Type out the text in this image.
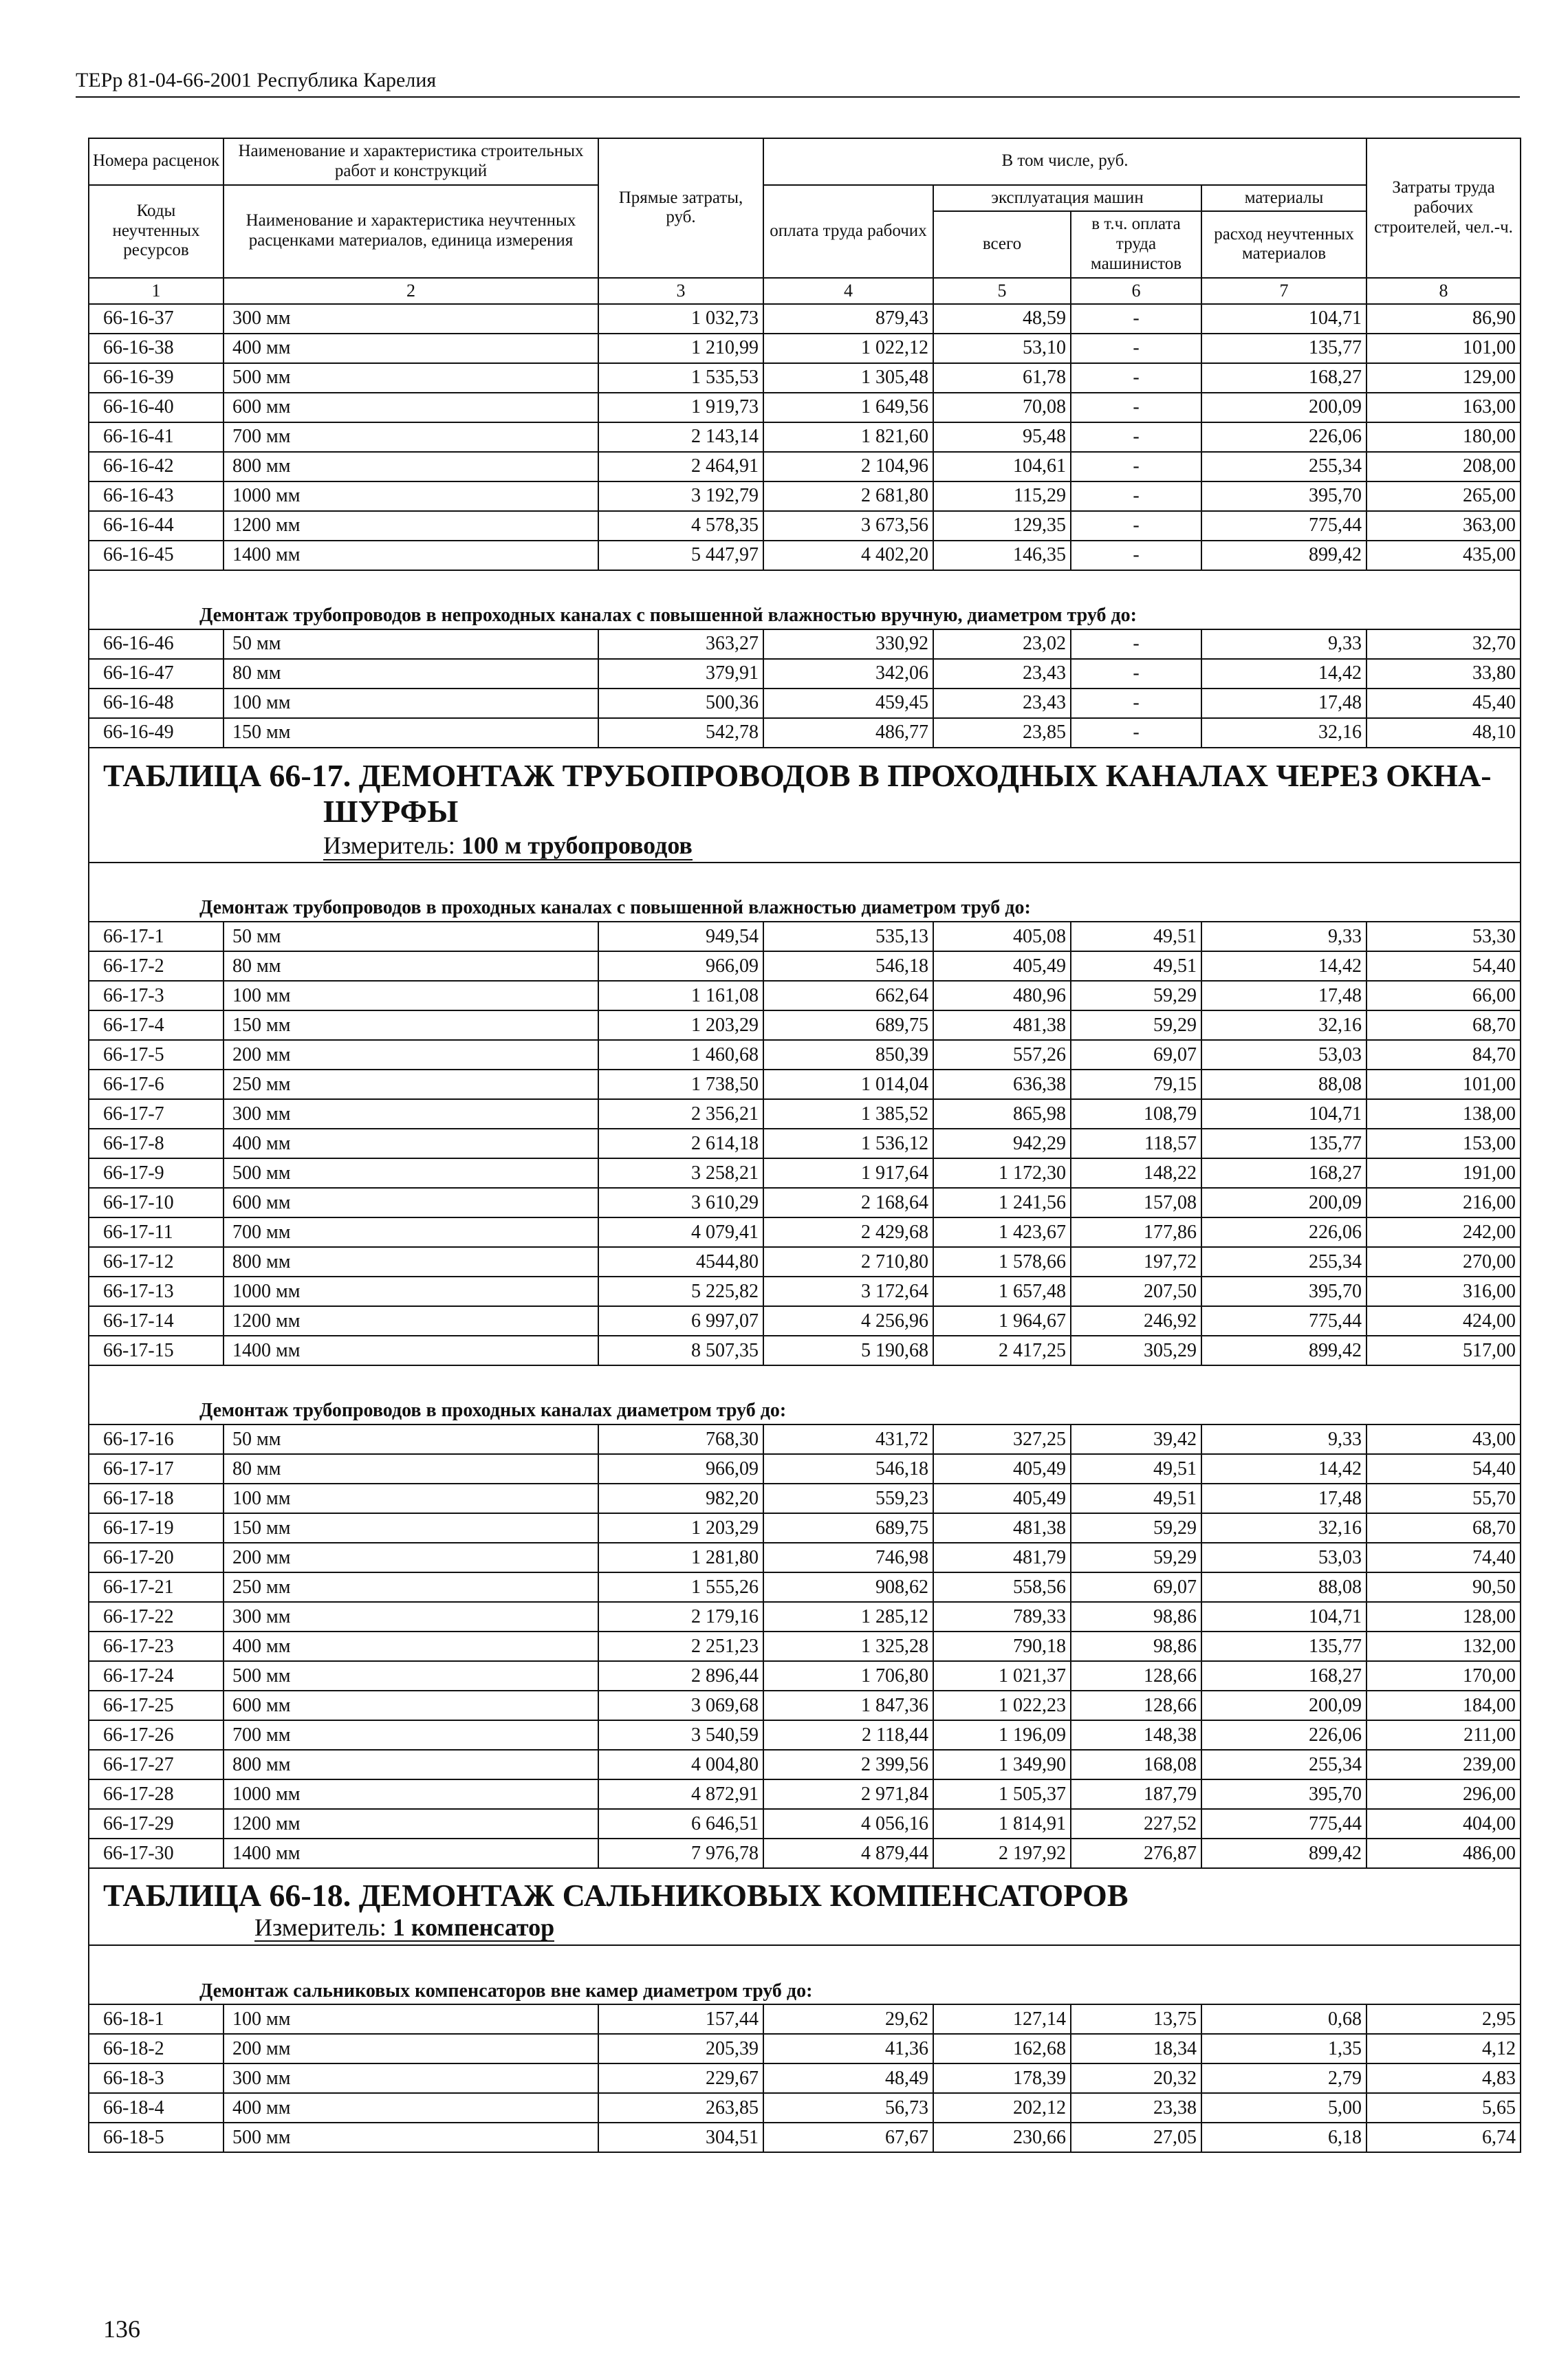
ТЕРр 81-04-66-2001 Республика Карелия
Номера расценок	Наименование и характеристика строительных работ и конструкций	Прямые затраты, руб.	В том числе, руб.				Затраты труда рабочих строителей, чел.-ч.
Коды неучтенных ресурсов	Наименование и характеристика неучтенных расценками материалов, единица измерения		оплата труда рабочих	эксплуатация машин		материалы	
				всего	в т.ч. оплата труда машинистов	расход неучтенных материалов	
1	2	3	4	5	6	7	8
66-16-37	300 мм	1 032,73	879,43	48,59	-	104,71	86,90
66-16-38	400 мм	1 210,99	1 022,12	53,10	-	135,77	101,00
66-16-39	500 мм	1 535,53	1 305,48	61,78	-	168,27	129,00
66-16-40	600 мм	1 919,73	1 649,56	70,08	-	200,09	163,00
66-16-41	700 мм	2 143,14	1 821,60	95,48	-	226,06	180,00
66-16-42	800 мм	2 464,91	2 104,96	104,61	-	255,34	208,00
66-16-43	1000 мм	3 192,79	2 681,80	115,29	-	395,70	265,00
66-16-44	1200 мм	4 578,35	3 673,56	129,35	-	775,44	363,00
66-16-45	1400 мм	5 447,97	4 402,20	146,35	-	899,42	435,00

Демонтаж трубопроводов в непроходных каналах с повышенной влажностью вручную, диаметром труб до:							
66-16-46	50 мм	363,27	330,92	23,02	-	9,33	32,70
66-16-47	80 мм	379,91	342,06	23,43	-	14,42	33,80
66-16-48	100 мм	500,36	459,45	23,43	-	17,48	45,40
66-16-49	150 мм	542,78	486,77	23,85	-	32,16	48,10

ТАБЛИЦА 66-17. ДЕМОНТАЖ ТРУБОПРОВОДОВ В ПРОХОДНЫХ КАНАЛАХ ЧЕРЕЗ ОКНА-
ШУРФЫ
Измеритель: 100 м трубопроводов							

Демонтаж трубопроводов в проходных каналах с повышенной влажностью диаметром труб до:							
66-17-1	50 мм	949,54	535,13	405,08	49,51	9,33	53,30
66-17-2	80 мм	966,09	546,18	405,49	49,51	14,42	54,40
66-17-3	100 мм	1 161,08	662,64	480,96	59,29	17,48	66,00
66-17-4	150 мм	1 203,29	689,75	481,38	59,29	32,16	68,70
66-17-5	200 мм	1 460,68	850,39	557,26	69,07	53,03	84,70
66-17-6	250 мм	1 738,50	1 014,04	636,38	79,15	88,08	101,00
66-17-7	300 мм	2 356,21	1 385,52	865,98	108,79	104,71	138,00
66-17-8	400 мм	2 614,18	1 536,12	942,29	118,57	135,77	153,00
66-17-9	500 мм	3 258,21	1 917,64	1 172,30	148,22	168,27	191,00
66-17-10	600 мм	3 610,29	2 168,64	1 241,56	157,08	200,09	216,00
66-17-11	700 мм	4 079,41	2 429,68	1 423,67	177,86	226,06	242,00
66-17-12	800 мм	4544,80	2 710,80	1 578,66	197,72	255,34	270,00
66-17-13	1000 мм	5 225,82	3 172,64	1 657,48	207,50	395,70	316,00
66-17-14	1200 мм	6 997,07	4 256,96	1 964,67	246,92	775,44	424,00
66-17-15	1400 мм	8 507,35	5 190,68	2 417,25	305,29	899,42	517,00

Демонтаж трубопроводов в проходных каналах диаметром труб до:							
66-17-16	50 мм	768,30	431,72	327,25	39,42	9,33	43,00
66-17-17	80 мм	966,09	546,18	405,49	49,51	14,42	54,40
66-17-18	100 мм	982,20	559,23	405,49	49,51	17,48	55,70
66-17-19	150 мм	1 203,29	689,75	481,38	59,29	32,16	68,70
66-17-20	200 мм	1 281,80	746,98	481,79	59,29	53,03	74,40
66-17-21	250 мм	1 555,26	908,62	558,56	69,07	88,08	90,50
66-17-22	300 мм	2 179,16	1 285,12	789,33	98,86	104,71	128,00
66-17-23	400 мм	2 251,23	1 325,28	790,18	98,86	135,77	132,00
66-17-24	500 мм	2 896,44	1 706,80	1 021,37	128,66	168,27	170,00
66-17-25	600 мм	3 069,68	1 847,36	1 022,23	128,66	200,09	184,00
66-17-26	700 мм	3 540,59	2 118,44	1 196,09	148,38	226,06	211,00
66-17-27	800 мм	4 004,80	2 399,56	1 349,90	168,08	255,34	239,00
66-17-28	1000 мм	4 872,91	2 971,84	1 505,37	187,79	395,70	296,00
66-17-29	1200 мм	6 646,51	4 056,16	1 814,91	227,52	775,44	404,00
66-17-30	1400 мм	7 976,78	4 879,44	2 197,92	276,87	899,42	486,00

ТАБЛИЦА 66-18. ДЕМОНТАЖ САЛЬНИКОВЫХ КОМПЕНСАТОРОВ
Измеритель: 1 компенсатор							

Демонтаж сальниковых компенсаторов вне камер диаметром труб до:							
66-18-1	100 мм	157,44	29,62	127,14	13,75	0,68	2,95
66-18-2	200 мм	205,39	41,36	162,68	18,34	1,35	4,12
66-18-3	300 мм	229,67	48,49	178,39	20,32	2,79	4,83
66-18-4	400 мм	263,85	56,73	202,12	23,38	5,00	5,65
66-18-5	500 мм	304,51	67,67	230,66	27,05	6,18	6,74
136
